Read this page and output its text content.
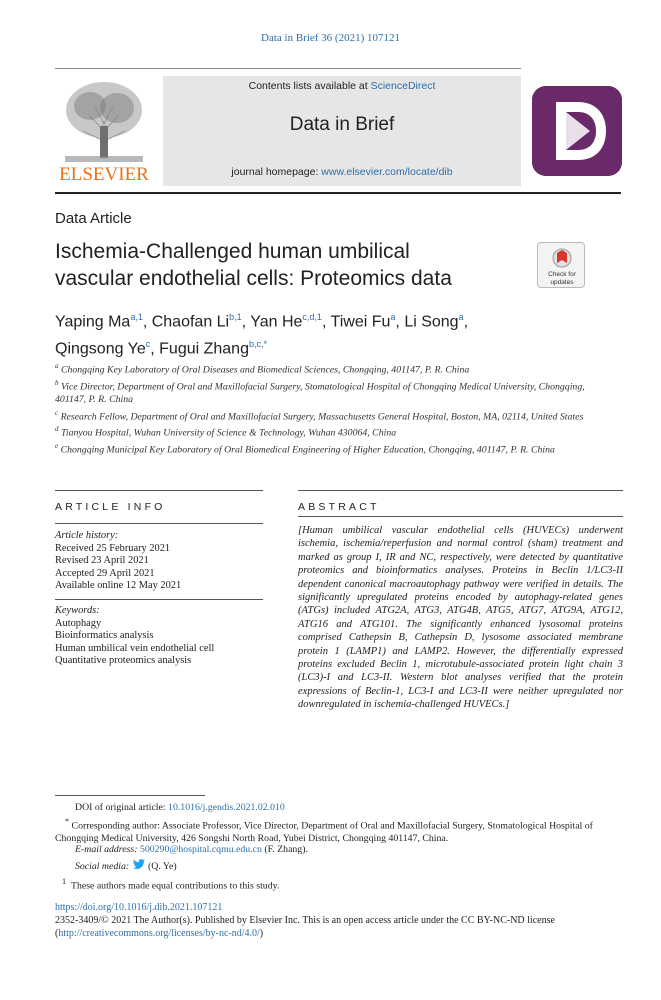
Data in Brief 36 (2021) 107121
ELSEVIER
Contents lists available at ScienceDirect
Data in Brief
journal homepage: www.elsevier.com/locate/dib
Data Article
Ischemia-Challenged human umbilical
vascular endothelial cells: Proteomics data	Check for
updates
Yaping Ma$^{a,1}$, Chaofan Li$^{b,1}$, Yan He$^{c,d,1}$, Tiwei Fu$^a$, Li Song$^a$,
Qingsong Ye$^c$, Fugui Zhang$^{b,c,*}$
$^a$ Chongqing Key Laboratory of Oral Diseases and Biomedical Sciences, Chongqing, 401147, P. R. China
$^b$ Vice Director, Department of Oral and Maxillofacial Surgery, Stomatological Hospital of Chongqing Medical University, Chongqing, 401147, P. R. China
$^c$ Research Fellow, Department of Oral and Maxillofacial Surgery, Massachusetts General Hospital, Boston, MA, 02114, United States
$^d$ Tianyou Hospital, Wuhan University of Science & Technology, Wuhan 430064, China
$^e$ Chongqing Municipal Key Laboratory of Oral Biomedical Engineering of Higher Education, Chongqing, 401147, P. R. China
ARTICLE INFO
Article history:
Received 25 February 2021
Revised 23 April 2021
Accepted 29 April 2021
Available online 12 May 2021
Keywords:
Autophagy
Bioinformatics analysis
Human umbilical vein endothelial cell
Quantitative proteomics analysis
ABSTRACT
[Human umbilical vascular endothelial cells (HUVECs) underwent ischemia, ischemia/reperfusion and normal control (sham) treatment and marked as group I, IR and NC, respectively, were detected by quantitative proteomics and bioinformatics analyses. Proteins in Beclin 1/LC3-II dependent canonical macroautophagy pathway were verified in details. The significantly upregulated proteins encoded by autophagy-related genes (ATGs) included ATG2A, ATG3, ATG4B, ATG5, ATG7, ATG9A, ATG12, ATG16 and ATG101. The significantly enhanced lysosomal proteins comprised Cathepsin B, Cathepsin D, lysosome associated membrane protein 1 (LAMP1) and LAMP2. However, the differentially expressed proteins excluded Beclin 1, microtubule-associated protein light chain 3 (LC3)-I and LC3-II. Western blot analyses verified that the protein expressions of Beclin-1, LC3-I and LC3-II were neither upregulated nor downregulated in ischemia-challenged HUVECs.]
DOI of original article: 10.1016/j.gendis.2021.02.010
* Corresponding author: Associate Professor, Vice Director, Department of Oral and Maxillofacial Surgery, Stomatological Hospital of Chongqing Medical University, 426 Songshi North Road, Yubei District, Chongqing 401147, China.
E-mail address: 500290@hospital.cqmu.edu.cn (F. Zhang).
Social media:  (Q. Ye)
$^1$ These authors made equal contributions to this study.
https://doi.org/10.1016/j.dib.2021.107121
2352-3409/© 2021 The Author(s). Published by Elsevier Inc. This is an open access article under the CC BY-NC-ND license (http://creativecommons.org/licenses/by-nc-nd/4.0/)
